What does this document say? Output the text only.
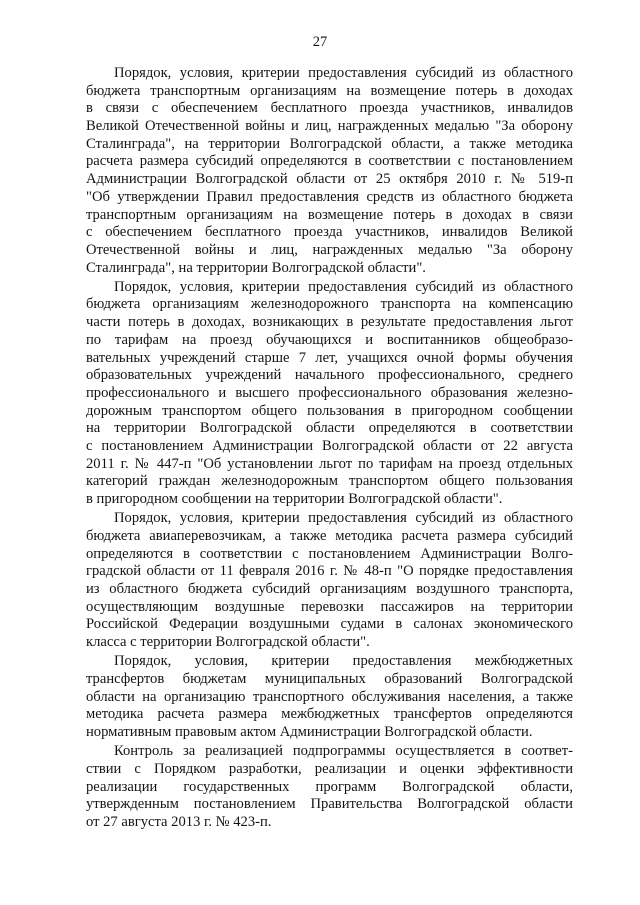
27
Порядок, условия, критерии предоставления субсидий из областного
бюджета транспортным организациям на возмещение потерь в доходах
в связи с обеспечением бесплатного проезда участников, инвалидов
Великой Отечественной войны и лиц, награжденных медалью "За оборону
Сталинграда", на территории Волгоградской области, а также методика
расчета размера субсидий определяются в соответствии с постановлением
Администрации Волгоградской области от 25 октября 2010 г. № 519-п
"Об утверждении Правил предоставления средств из областного бюджета
транспортным организациям на возмещение потерь в доходах в связи
с обеспечением бесплатного проезда участников, инвалидов Великой
Отечественной войны и лиц, награжденных медалью "За оборону
Сталинграда", на территории Волгоградской области".
Порядок, условия, критерии предоставления субсидий из областного
бюджета организациям железнодорожного транспорта на компенсацию
части потерь в доходах, возникающих в результате предоставления льгот
по тарифам на проезд обучающихся и воспитанников общеобразо-
вательных учреждений старше 7 лет, учащихся очной формы обучения
образовательных учреждений начального профессионального, среднего
профессионального и высшего профессионального образования железно-
дорожным транспортом общего пользования в пригородном сообщении
на территории Волгоградской области определяются в соответствии
с постановлением Администрации Волгоградской области от 22 августа
2011 г. № 447-п "Об установлении льгот по тарифам на проезд отдельных
категорий граждан железнодорожным транспортом общего пользования
в пригородном сообщении на территории Волгоградской области".
Порядок, условия, критерии предоставления субсидий из областного
бюджета авиаперевозчикам, а также методика расчета размера субсидий
определяются в соответствии с постановлением Администрации Волго-
градской области от 11 февраля 2016 г. № 48-п "О порядке предоставления
из областного бюджета субсидий организациям воздушного транспорта,
осуществляющим воздушные перевозки пассажиров на территории
Российской Федерации воздушными судами в салонах экономического
класса с территории Волгоградской области".
Порядок, условия, критерии предоставления межбюджетных
трансфертов бюджетам муниципальных образований Волгоградской
области на организацию транспортного обслуживания населения, а также
методика расчета размера межбюджетных трансфертов определяются
нормативным правовым актом Администрации Волгоградской области.
Контроль за реализацией подпрограммы осуществляется в соответ-
ствии с Порядком разработки, реализации и оценки эффективности
реализации государственных программ Волгоградской области,
утвержденным постановлением Правительства Волгоградской области
от 27 августа 2013 г. № 423-п.
